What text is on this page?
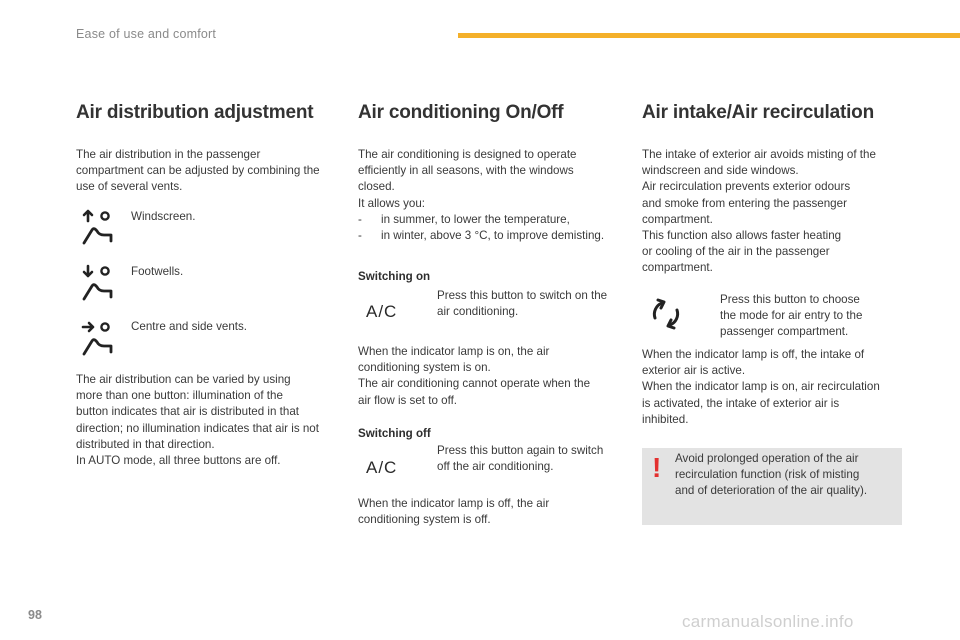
Ease of use and comfort
Air distribution adjustment
The air distribution in the passenger
compartment can be adjusted by combining the
use of several vents.
Windscreen.
Footwells.
Centre and side vents.
The air distribution can be varied by using
more than one button: illumination of the
button indicates that air is distributed in that
direction; no illumination indicates that air is not
distributed in that direction.
In AUTO mode, all three buttons are off.
Air conditioning On/Off
The air conditioning is designed to operate
efficiently in all seasons, with the windows
closed.
It allows you:
-	in summer, to lower the temperature,
-	in winter, above 3 °C, to improve demisting.
Switching on
A/C
Press this button to switch on the
air conditioning.
When the indicator lamp is on, the air
conditioning system is on.
The air conditioning cannot operate when the
air flow is set to off.
Switching off
A/C
Press this button again to switch
off the air conditioning.
When the indicator lamp is off, the air
conditioning system is off.
Air intake/Air recirculation
The intake of exterior air avoids misting of the
windscreen and side windows.
Air recirculation prevents exterior odours
and smoke from entering the passenger
compartment.
This function also allows faster heating
or cooling of the air in the passenger
compartment.
Press this button to choose
the mode for air entry to the
passenger compartment.
When the indicator lamp is off, the intake of
exterior air is active.
When the indicator lamp is on, air recirculation
is activated, the intake of exterior air is
inhibited.
! Avoid prolonged operation of the air
recirculation function (risk of misting
and of deterioration of the air quality).
98	carmanualsonline.info
